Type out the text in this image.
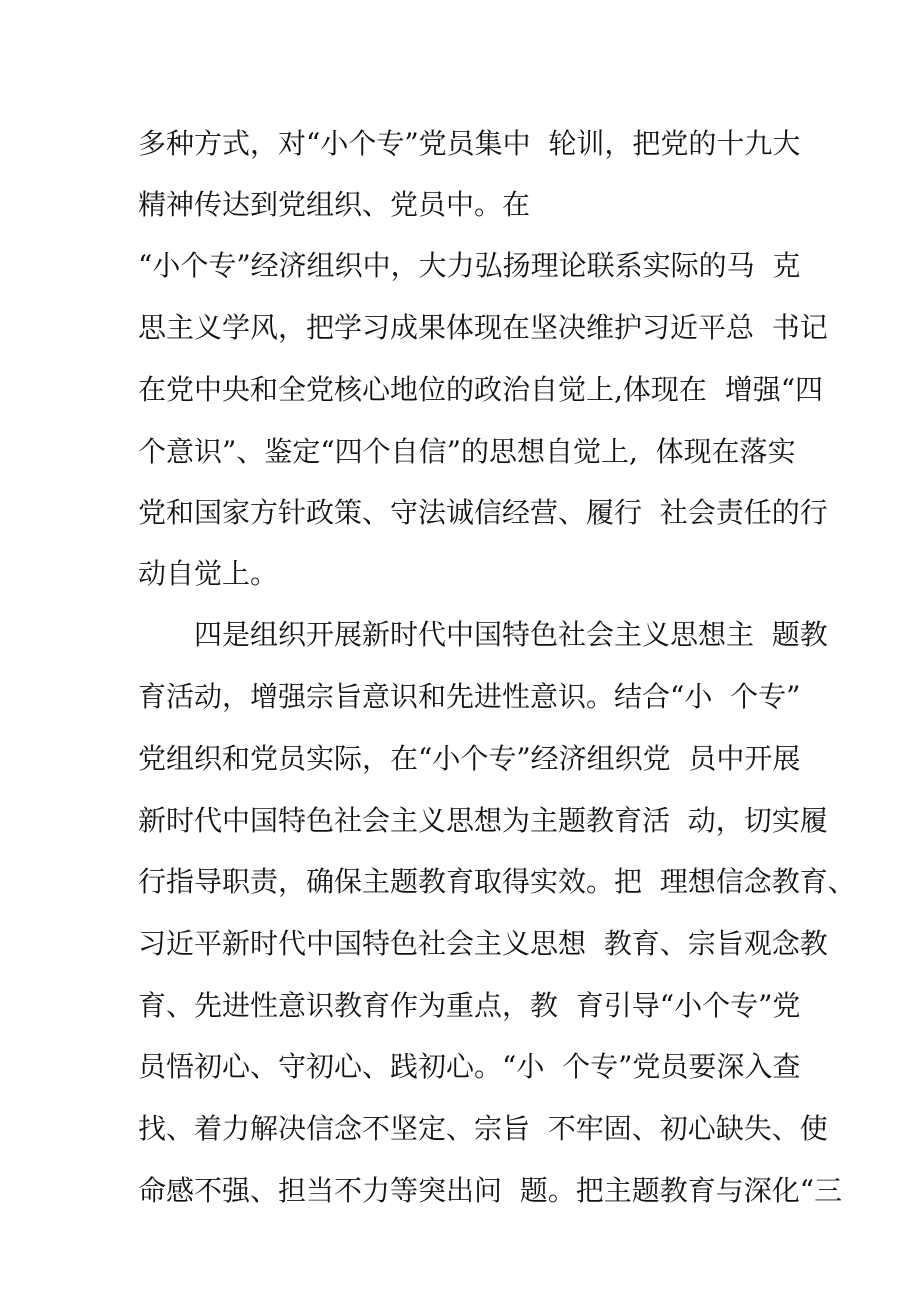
多种方式，对“小个专”党员集中  轮训，把党的十九大

精神传达到党组织、党员中。在

“小个专”经济组织中，大力弘扬理论联系实际的马  克

思主义学风，把学习成果体现在坚决维护习近平总  书记

在党中央和全党核心地位的政治自觉上,体现在  增强“四

个意识”、鉴定“四个自信”的思想自觉上,  体现在落实

党和国家方针政策、守法诚信经营、履行  社会责任的行

动自觉上。

四是组织开展新时代中国特色社会主义思想主  题教

育活动，增强宗旨意识和先进性意识。结合“小  个专”

党组织和党员实际，在“小个专”经济组织党  员中开展

新时代中国特色社会主义思想为主题教育活  动，切实履

行指导职责，确保主题教育取得实效。把  理想信念教育、

习近平新时代中国特色社会主义思想  教育、宗旨观念教

育、先进性意识教育作为重点，教  育引导“小个专”党

员悟初心、守初心、践初心。“小  个专”党员要深入查

找、着力解决信念不坚定、宗旨  不牢固、初心缺失、使

命感不强、担当不力等突出问  题。把主题教育与深化“三
